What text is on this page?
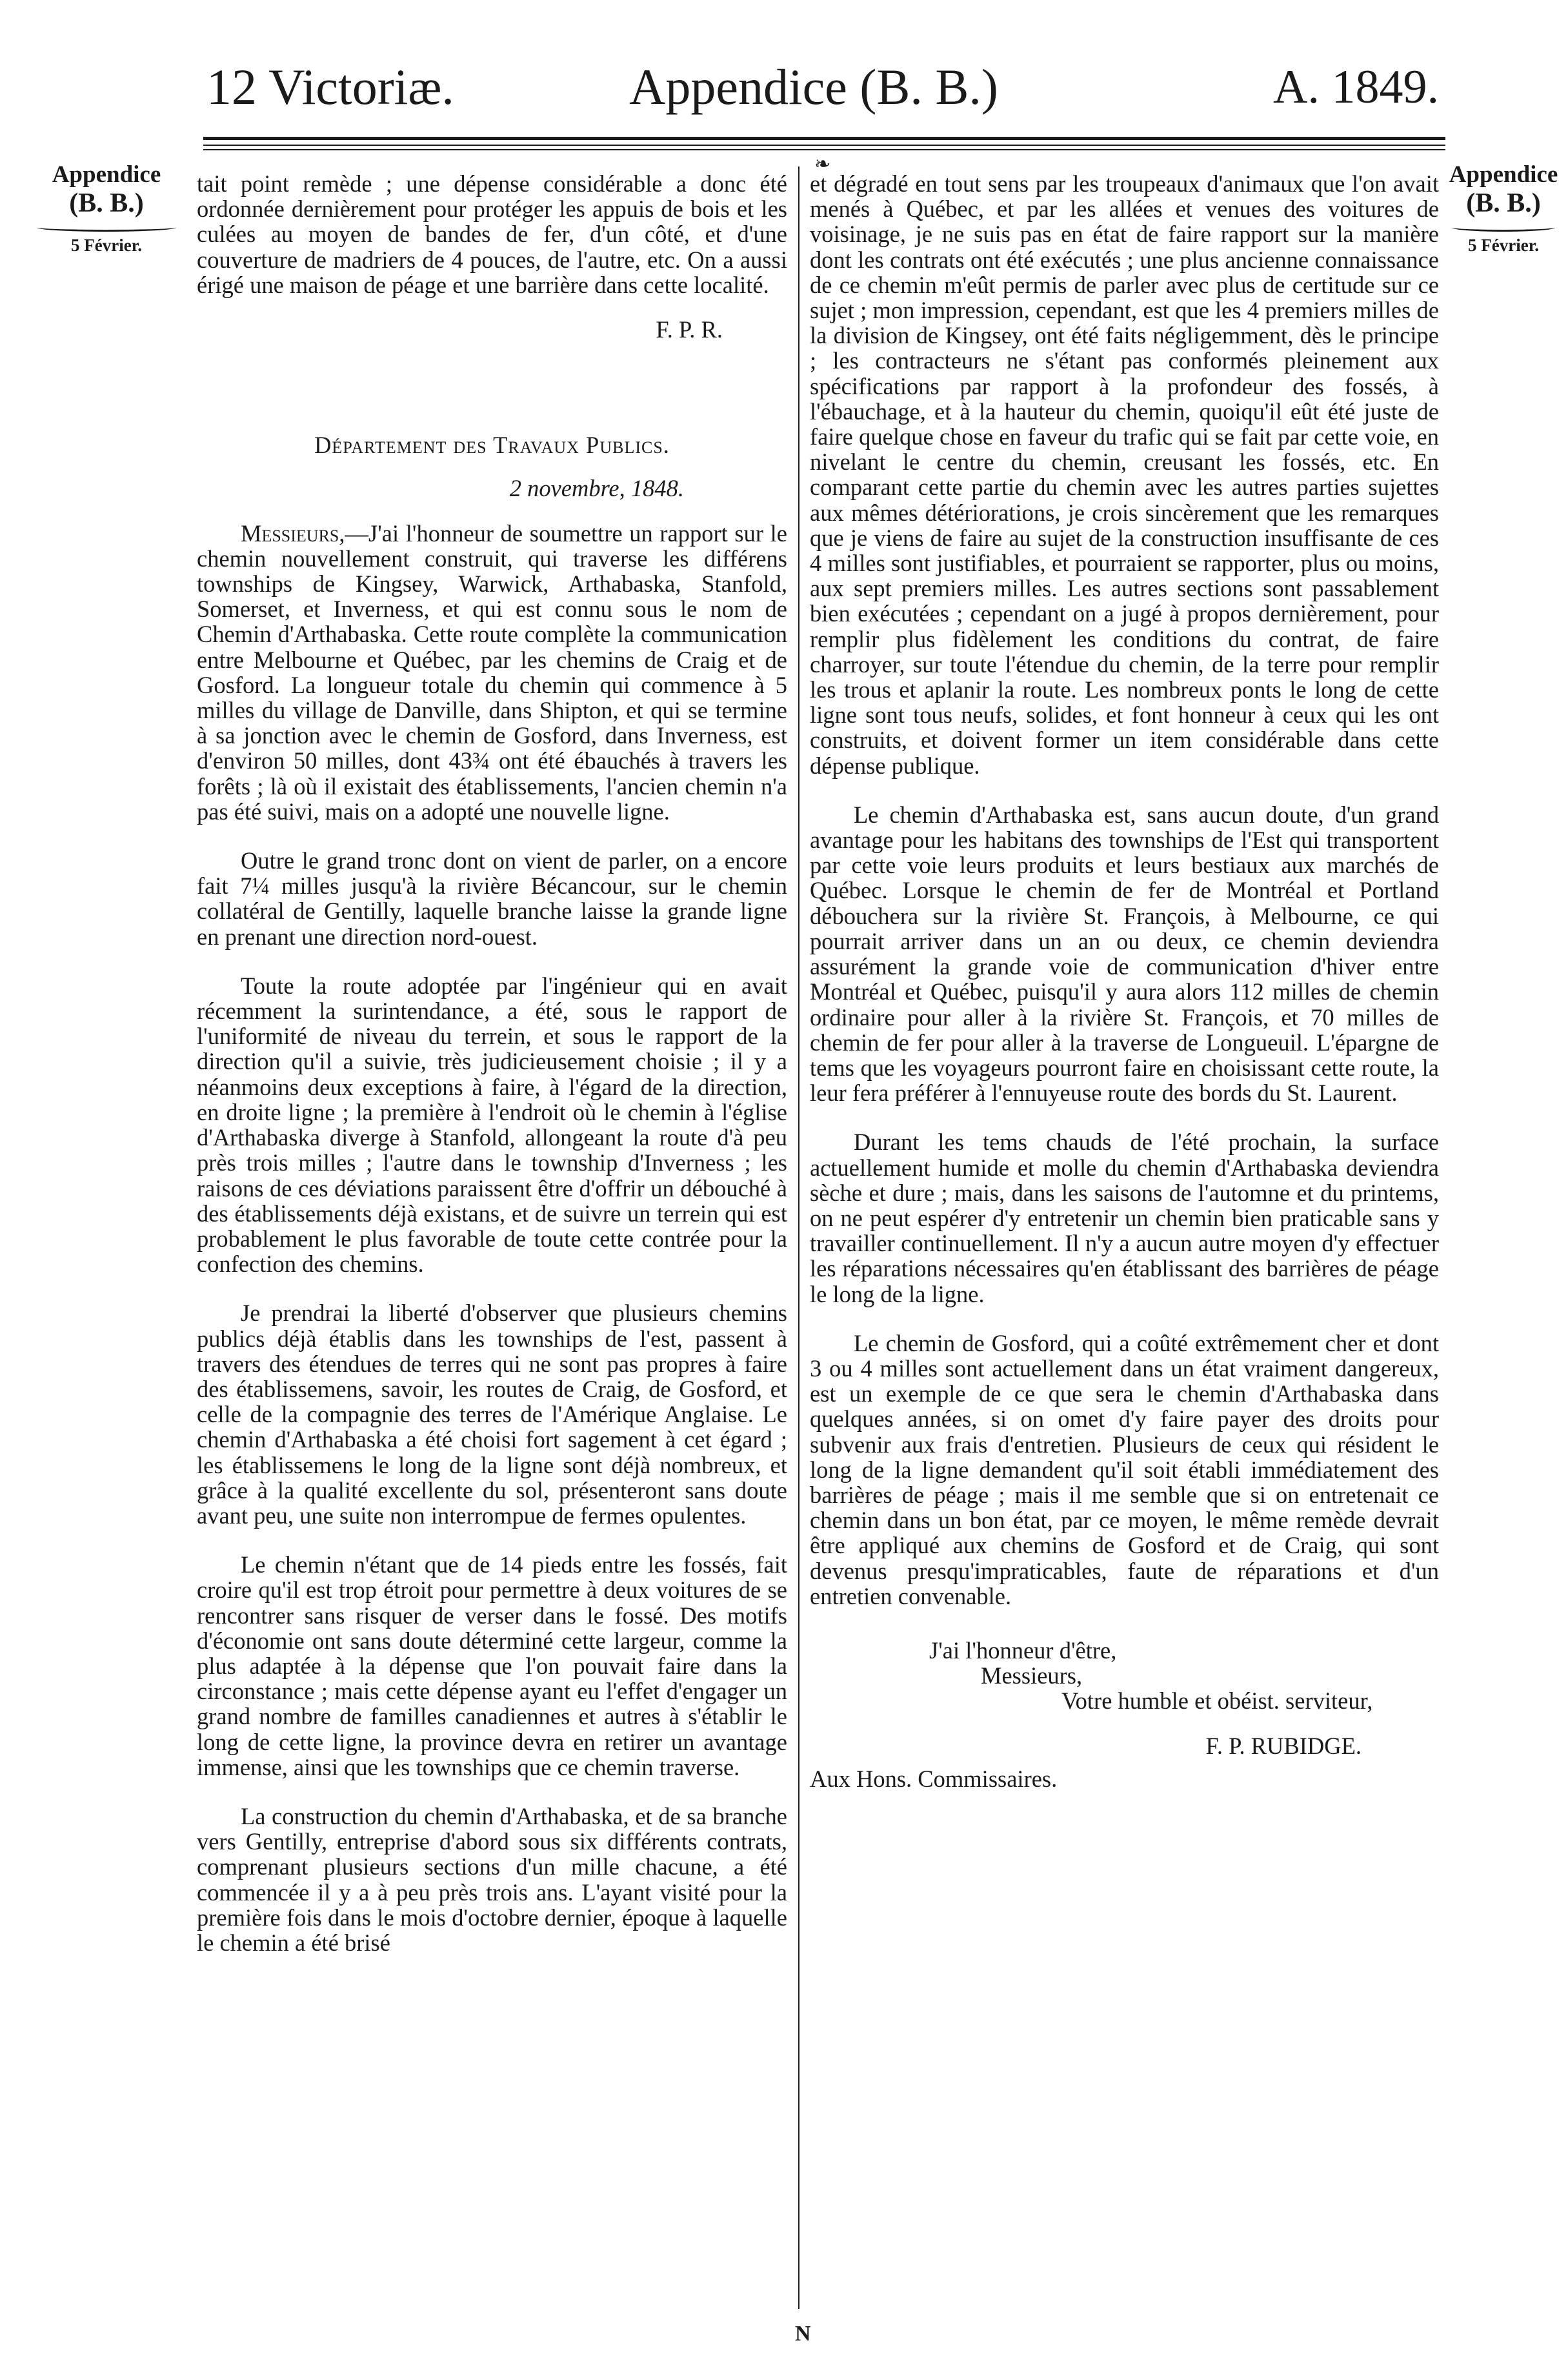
12 Victoriæ.	Appendice (B. B.)	A. 1849.
❧
Appendice
(B. B.)
5 Février.
Appendice
(B. B.)
5 Février.

tait point remède ; une dépense considérable a donc été ordonnée dernièrement pour protéger les appuis de bois et les culées au moyen de bandes de fer, d'un côté, et d'une couverture de madriers de 4 pouces, de l'autre, etc. On a aussi érigé une maison de péage et une barrière dans cette localité.

F. P. R.

Département des Travaux Publics.

2 novembre, 1848.

Messieurs,—J'ai l'honneur de soumettre un rapport sur le chemin nouvellement construit, qui traverse les différens townships de Kingsey, Warwick, Arthabaska, Stanfold, Somerset, et Inverness, et qui est connu sous le nom de Chemin d'Arthabaska. Cette route complète la communication entre Melbourne et Québec, par les chemins de Craig et de Gosford. La longueur totale du chemin qui commence à 5 milles du village de Danville, dans Shipton, et qui se termine à sa jonction avec le chemin de Gosford, dans Inverness, est d'environ 50 milles, dont 43¾ ont été ébauchés à travers les forêts ; là où il existait des établissements, l'ancien chemin n'a pas été suivi, mais on a adopté une nouvelle ligne.

Outre le grand tronc dont on vient de parler, on a encore fait 7¼ milles jusqu'à la rivière Bécancour, sur le chemin collatéral de Gentilly, laquelle branche laisse la grande ligne en prenant une direction nord-ouest.

Toute la route adoptée par l'ingénieur qui en avait récemment la surintendance, a été, sous le rapport de l'uniformité de niveau du terrein, et sous le rapport de la direction qu'il a suivie, très judicieusement choisie ; il y a néanmoins deux exceptions à faire, à l'égard de la direction, en droite ligne ; la première à l'endroit où le chemin à l'église d'Arthabaska diverge à Stanfold, allongeant la route d'à peu près trois milles ; l'autre dans le township d'Inverness ; les raisons de ces déviations paraissent être d'offrir un débouché à des établissements déjà existans, et de suivre un terrein qui est probablement le plus favorable de toute cette contrée pour la confection des chemins.

Je prendrai la liberté d'observer que plusieurs chemins publics déjà établis dans les townships de l'est, passent à travers des étendues de terres qui ne sont pas propres à faire des établissemens, savoir, les routes de Craig, de Gosford, et celle de la compagnie des terres de l'Amérique Anglaise. Le chemin d'Arthabaska a été choisi fort sagement à cet égard ; les établissemens le long de la ligne sont déjà nombreux, et grâce à la qualité excellente du sol, présenteront sans doute avant peu, une suite non interrompue de fermes opulentes.

Le chemin n'étant que de 14 pieds entre les fossés, fait croire qu'il est trop étroit pour permettre à deux voitures de se rencontrer sans risquer de verser dans le fossé. Des motifs d'économie ont sans doute déterminé cette largeur, comme la plus adaptée à la dépense que l'on pouvait faire dans la circonstance ; mais cette dépense ayant eu l'effet d'engager un grand nombre de familles canadiennes et autres à s'établir le long de cette ligne, la province devra en retirer un avantage immense, ainsi que les townships que ce chemin traverse.

La construction du chemin d'Arthabaska, et de sa branche vers Gentilly, entreprise d'abord sous six différents contrats, comprenant plusieurs sections d'un mille chacune, a été commencée il y a à peu près trois ans. L'ayant visité pour la première fois dans le mois d'octobre dernier, époque à laquelle le chemin a été brisé

et dégradé en tout sens par les troupeaux d'animaux que l'on avait menés à Québec, et par les allées et venues des voitures de voisinage, je ne suis pas en état de faire rapport sur la manière dont les contrats ont été exécutés ; une plus ancienne connaissance de ce chemin m'eût permis de parler avec plus de certitude sur ce sujet ; mon impression, cependant, est que les 4 premiers milles de la division de Kingsey, ont été faits négligemment, dès le principe ; les contracteurs ne s'étant pas conformés pleinement aux spécifications par rapport à la profondeur des fossés, à l'ébauchage, et à la hauteur du chemin, quoiqu'il eût été juste de faire quelque chose en faveur du trafic qui se fait par cette voie, en nivelant le centre du chemin, creusant les fossés, etc. En comparant cette partie du chemin avec les autres parties sujettes aux mêmes détériorations, je crois sincèrement que les remarques que je viens de faire au sujet de la construction insuffisante de ces 4 milles sont justifiables, et pourraient se rapporter, plus ou moins, aux sept premiers milles. Les autres sections sont passablement bien exécutées ; cependant on a jugé à propos dernièrement, pour remplir plus fidèlement les conditions du contrat, de faire charroyer, sur toute l'étendue du chemin, de la terre pour remplir les trous et aplanir la route. Les nombreux ponts le long de cette ligne sont tous neufs, solides, et font honneur à ceux qui les ont construits, et doivent former un item considérable dans cette dépense publique.

Le chemin d'Arthabaska est, sans aucun doute, d'un grand avantage pour les habitans des townships de l'Est qui transportent par cette voie leurs produits et leurs bestiaux aux marchés de Québec. Lorsque le chemin de fer de Montréal et Portland débouchera sur la rivière St. François, à Melbourne, ce qui pourrait arriver dans un an ou deux, ce chemin deviendra assurément la grande voie de communication d'hiver entre Montréal et Québec, puisqu'il y aura alors 112 milles de chemin ordinaire pour aller à la rivière St. François, et 70 milles de chemin de fer pour aller à la traverse de Longueuil. L'épargne de tems que les voyageurs pourront faire en choisissant cette route, la leur fera préférer à l'ennuyeuse route des bords du St. Laurent.

Durant les tems chauds de l'été prochain, la surface actuellement humide et molle du chemin d'Arthabaska deviendra sèche et dure ; mais, dans les saisons de l'automne et du printems, on ne peut espérer d'y entretenir un chemin bien praticable sans y travailler continuellement. Il n'y a aucun autre moyen d'y effectuer les réparations nécessaires qu'en établissant des barrières de péage le long de la ligne.

Le chemin de Gosford, qui a coûté extrêmement cher et dont 3 ou 4 milles sont actuellement dans un état vraiment dangereux, est un exemple de ce que sera le chemin d'Arthabaska dans quelques années, si on omet d'y faire payer des droits pour subvenir aux frais d'entretien. Plusieurs de ceux qui résident le long de la ligne demandent qu'il soit établi immédiatement des barrières de péage ; mais il me semble que si on entretenait ce chemin dans un bon état, par ce moyen, le même remède devrait être appliqué aux chemins de Gosford et de Craig, qui sont devenus presqu'impraticables, faute de réparations et d'un entretien convenable.

J'ai l'honneur d'être,

Messieurs,

Votre humble et obéist. serviteur,

F. P. RUBIDGE.

Aux Hons. Commissaires.

N
